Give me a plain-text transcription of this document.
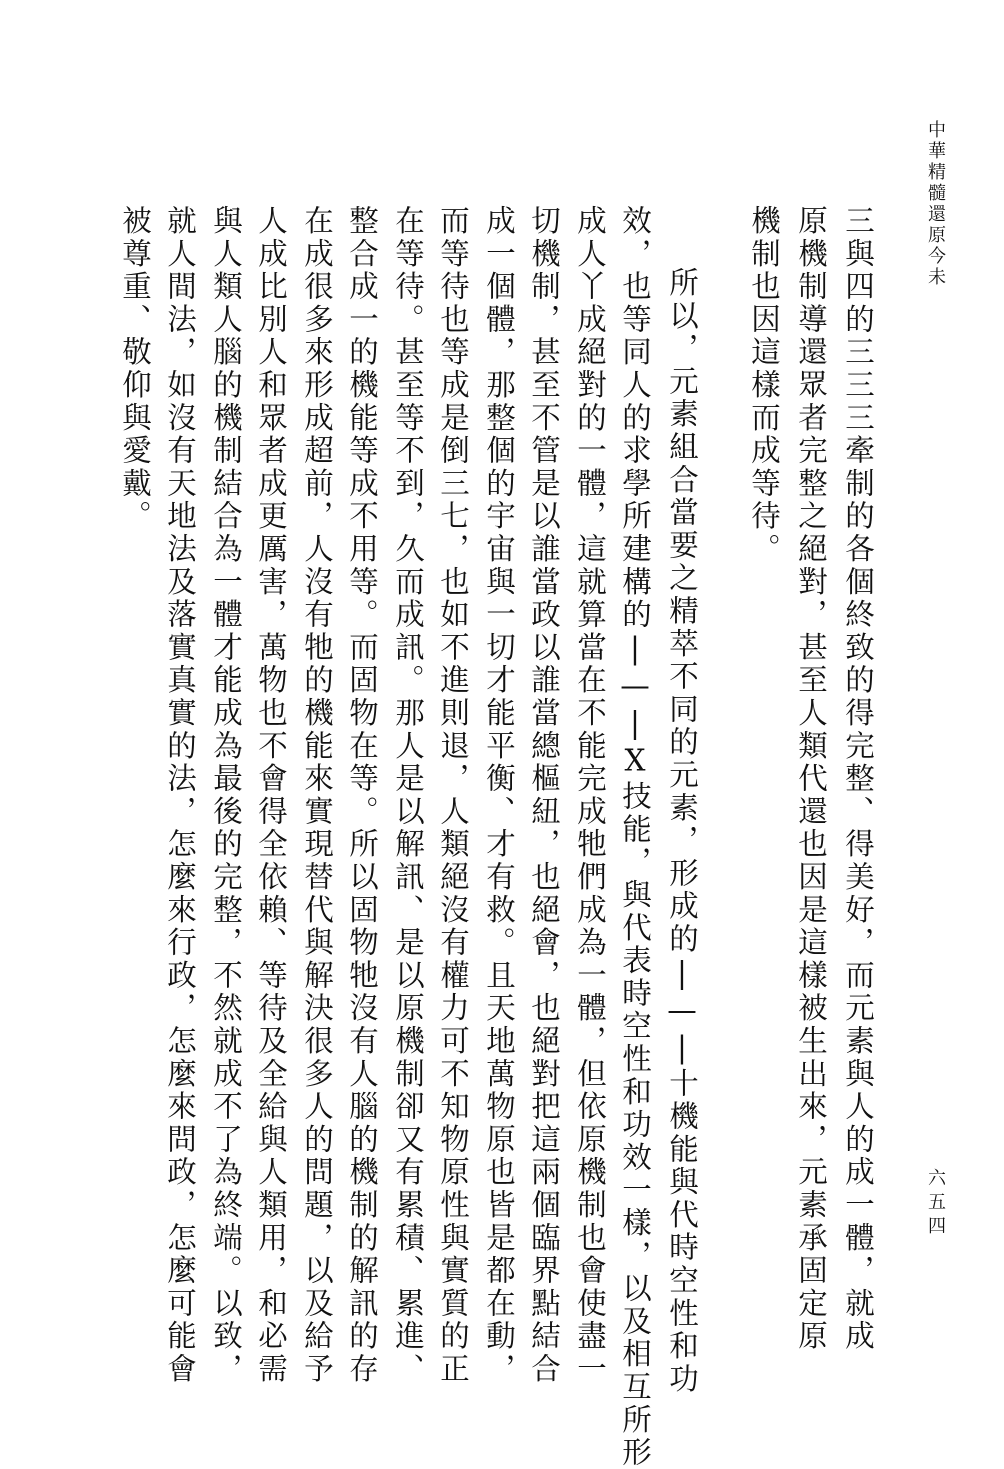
中華精髓還原今未
三與四的三三三牽制的各個終致的得完整、得美好，而元素與人的成一體，就成
原機制導還眾者完整之絕對，甚至人類代還也因是這樣被生出來，元素承固定原
機制也因這樣而成等待。
所以，元素組合當要之精萃不同的元素，形成的|—|十機能與代時空性和功
效，也等同人的求學所建構的|—|X技能，與代表時空性和功效一樣，以及相互所形
成人丫成絕對的一體，這就算當在不能完成牠們成為一體，但依原機制也會使盡一
切機制，甚至不管是以誰當政以誰當總樞紐，也絕會，也絕對把這兩個臨界點結合
成一個體，那整個的宇宙與一切才能平衡、才有救。且天地萬物原也皆是都在動，
而等待也等成是倒三七，也如不進則退，人類絕沒有權力可不知物原性與實質的正
在等待。甚至等不到，久而成訊。那人是以解訊、是以原機制卻又有累積、累進、
整合成一的機能等成不用等。而固物在等。所以固物牠沒有人腦的機制的解訊的存
在成很多來形成超前，人沒有牠的機能來實現替代與解決很多人的問題，以及給予
人成比別人和眾者成更厲害，萬物也不會得全依賴、等待及全給與人類用，和必需
與人類人腦的機制結合為一體才能成為最後的完整，不然就成不了為終端。以致，
就人間法，如沒有天地法及落實真實的法，怎麼來行政，怎麼來問政，怎麼可能會
被尊重、敬仰與愛戴。
六五四
